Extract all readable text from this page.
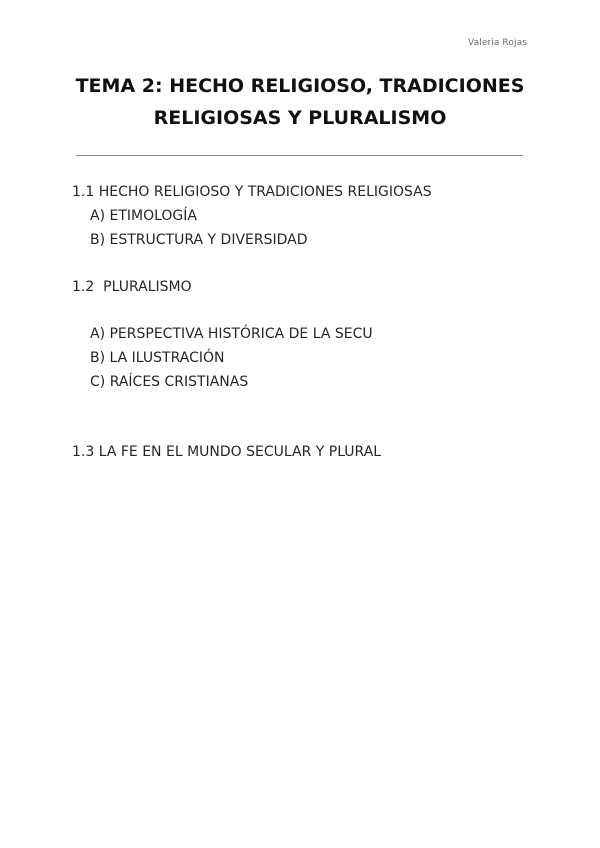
Valeria Rojas
TEMA 2: HECHO RELIGIOSO, TRADICIONES
RELIGIOSAS Y PLURALISMO
1.1 HECHO RELIGIOSO Y TRADICIONES RELIGIOSAS
A) ETIMOLOGÍA
B) ESTRUCTURA Y DIVERSIDAD
1.2  PLURALISMO
A) PERSPECTIVA HISTÓRICA DE LA SECU
B) LA ILUSTRACIÓN
C) RAÍCES CRISTIANAS
1.3 LA FE EN EL MUNDO SECULAR Y PLURAL
